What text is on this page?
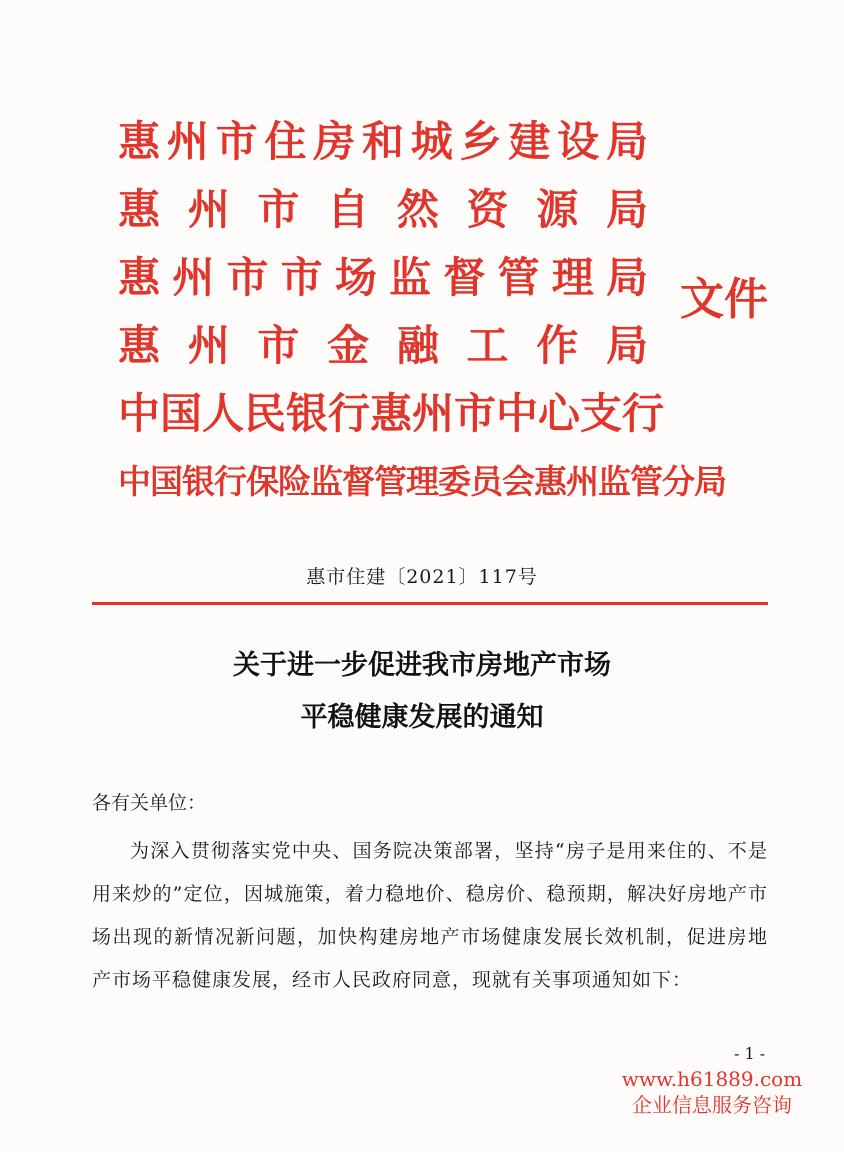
惠州市住房和城乡建设局
惠州市自然资源局
惠州市市场监督管理局
惠州市金融工作局
中国人民银行惠州市中心支行
中国银行保险监督管理委员会惠州监管分局
文件
惠市住建〔2021〕117号
关于进一步促进我市房地产市场
平稳健康发展的通知
各有关单位：
为深入贯彻落实党中央、国务院决策部署，坚持“房子是用来住的、不是用来炒的”定位，因城施策，着力稳地价、稳房价、稳预期，解决好房地产市场出现的新情况新问题，加快构建房地产市场健康发展长效机制，促进房地产市场平稳健康发展，经市人民政府同意，现就有关事项通知如下：
- 1 -
www.h61889.com
企业信息服务咨询
